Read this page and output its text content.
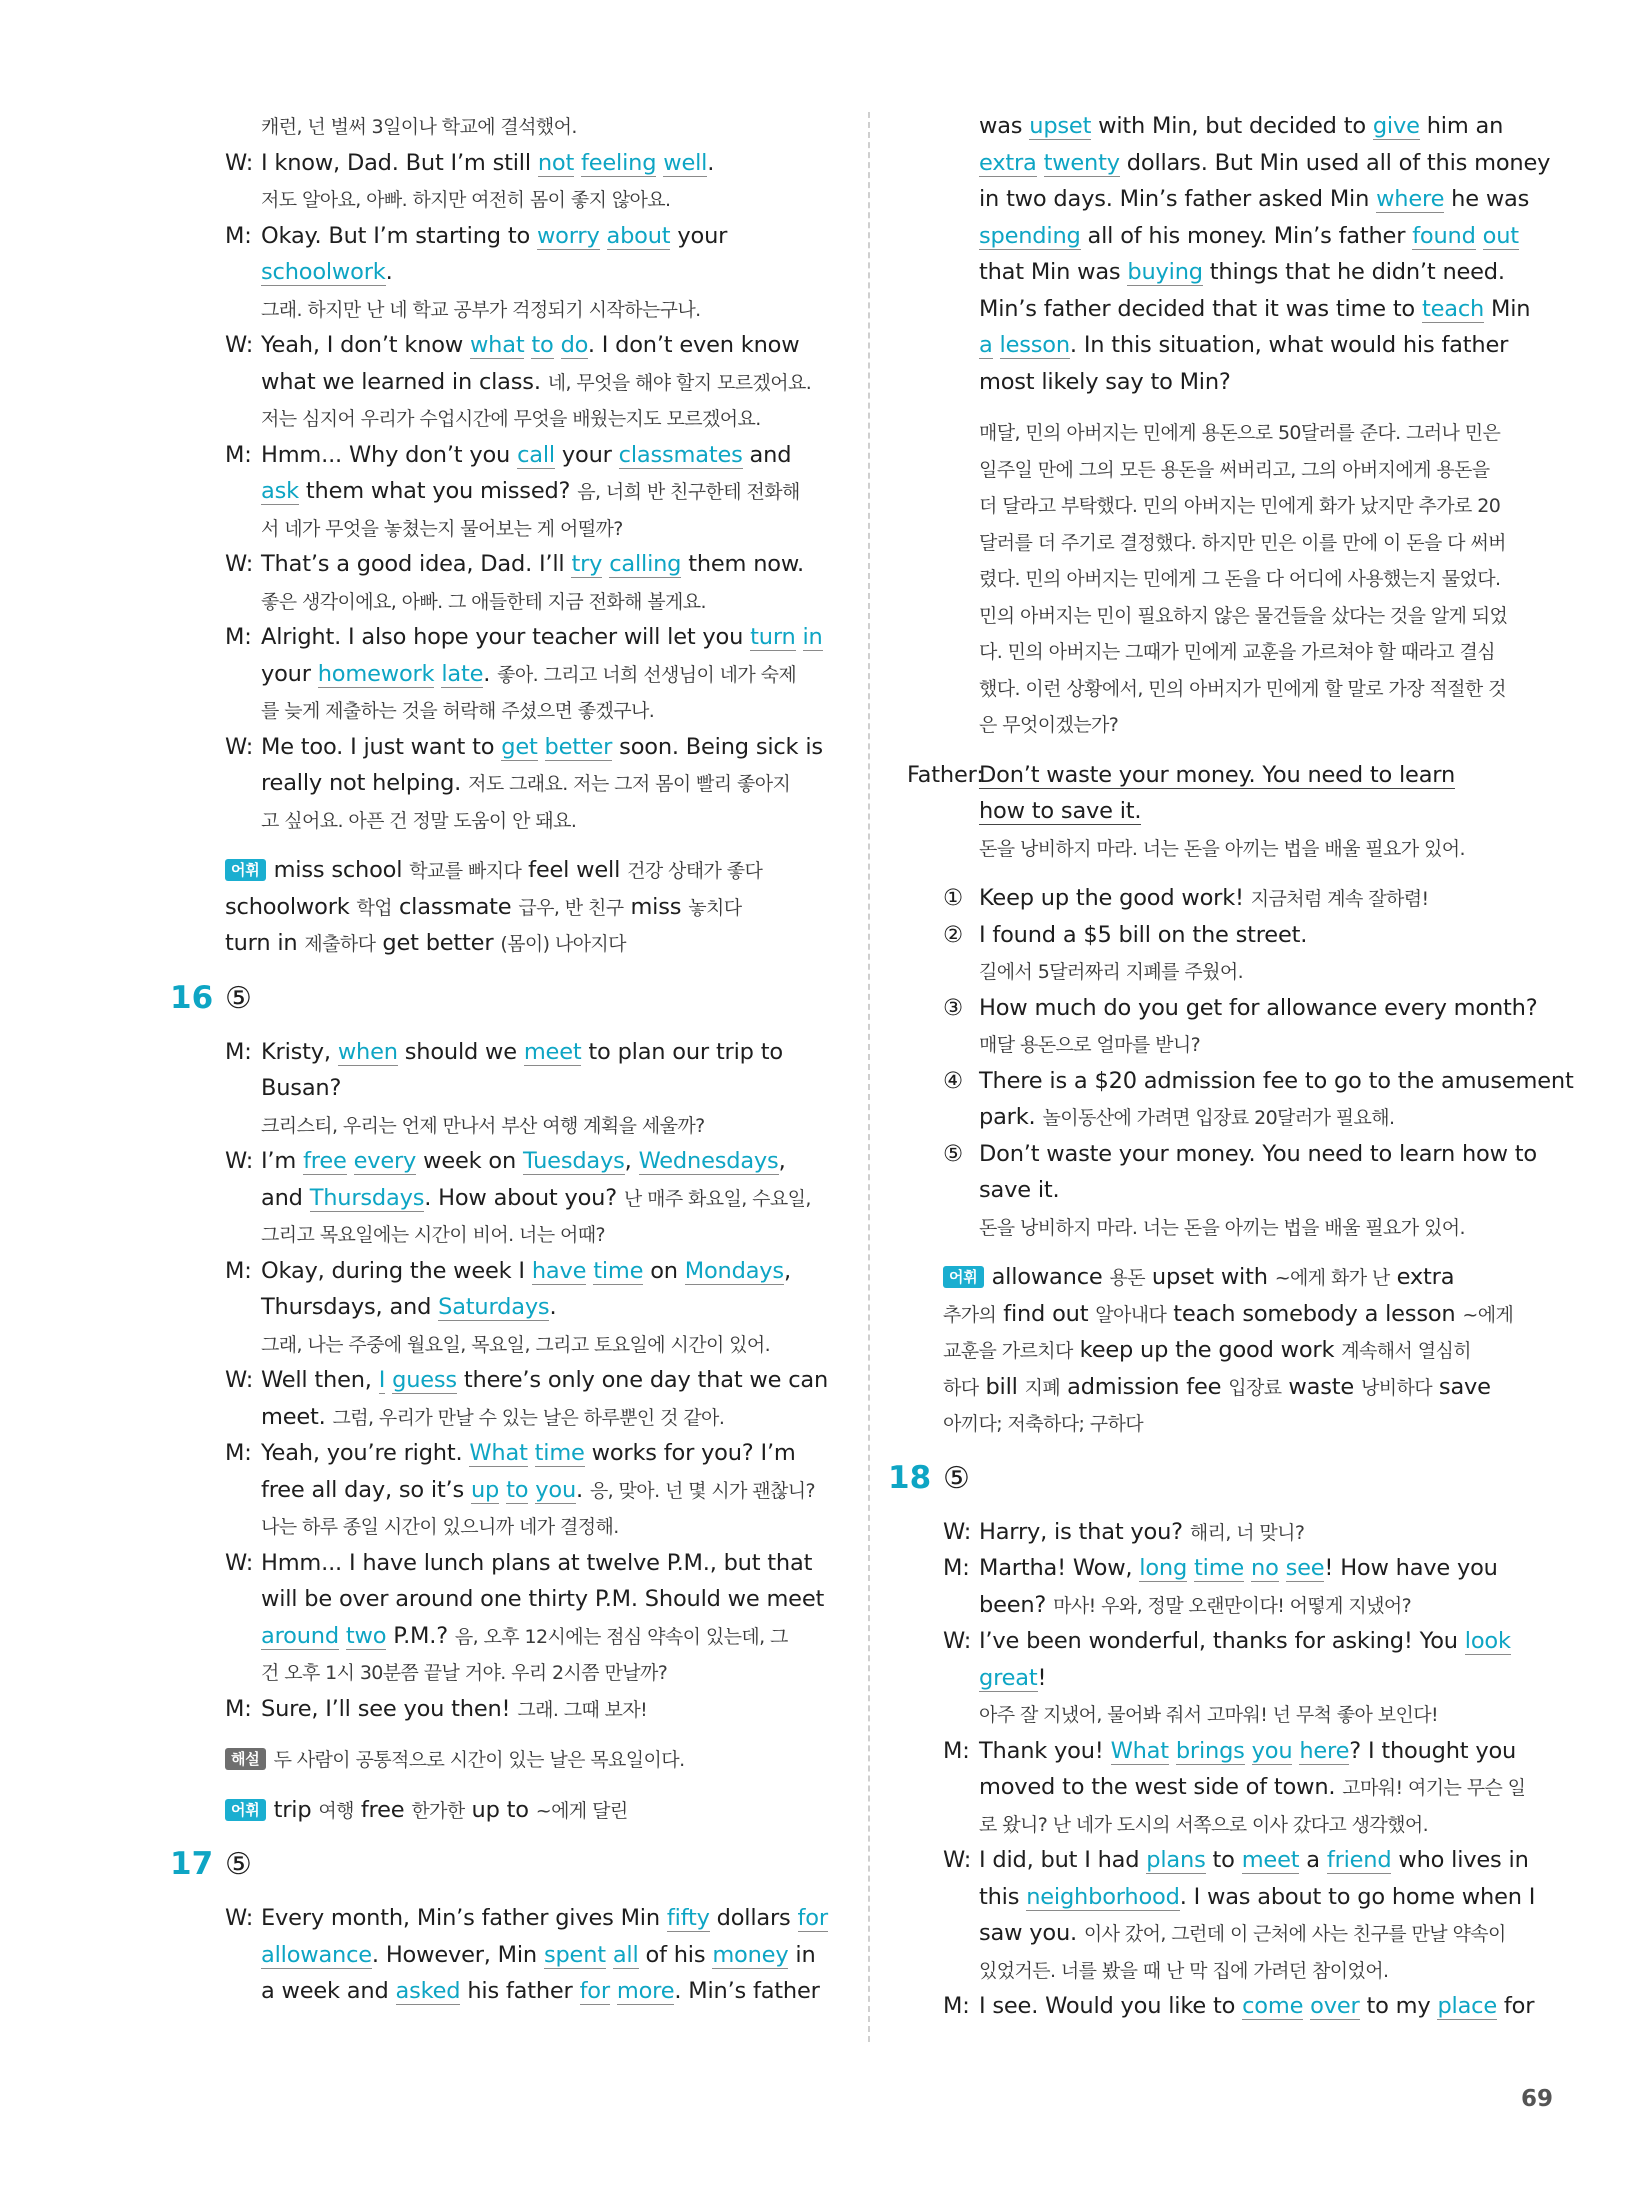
캐런, 넌 벌써 3일이나 학교에 결석했어.
W: I know, Dad. But I’m still not feeling well.
저도 알아요, 아빠. 하지만 여전히 몸이 좋지 않아요.
M: Okay. But I’m starting to worry about your
schoolwork.
그래. 하지만 난 네 학교 공부가 걱정되기 시작하는구나.
W: Yeah, I don’t know what to do. I don’t even know
what we learned in class. 네, 무엇을 해야 할지 모르겠어요.
저는 심지어 우리가 수업시간에 무엇을 배웠는지도 모르겠어요.
M: Hmm... Why don’t you call your classmates and
ask them what you missed? 음, 너희 반 친구한테 전화해
서 네가 무엇을 놓쳤는지 물어보는 게 어떨까?
W: That’s a good idea, Dad. I’ll try calling them now.
좋은 생각이에요, 아빠. 그 애들한테 지금 전화해 볼게요.
M: Alright. I also hope your teacher will let you turn in
your homework late. 좋아. 그리고 너희 선생님이 네가 숙제
를 늦게 제출하는 것을 허락해 주셨으면 좋겠구나.
W: Me too. I just want to get better soon. Being sick is
really not helping. 저도 그래요. 저는 그저 몸이 빨리 좋아지
고 싶어요. 아픈 건 정말 도움이 안 돼요.
어휘 miss school 학교를 빠지다 feel well 건강 상태가 좋다
schoolwork 학업 classmate 급우, 반 친구 miss 놓치다
turn in 제출하다 get better (몸이) 나아지다
16 ⑤
M: Kristy, when should we meet to plan our trip to
Busan?
크리스티, 우리는 언제 만나서 부산 여행 계획을 세울까?
W: I’m free every week on Tuesdays, Wednesdays,
and Thursdays. How about you? 난 매주 화요일, 수요일,
그리고 목요일에는 시간이 비어. 너는 어때?
M: Okay, during the week I have time on Mondays,
Thursdays, and Saturdays.
그래, 나는 주중에 월요일, 목요일, 그리고 토요일에 시간이 있어.
W: Well then, I guess there’s only one day that we can
meet. 그럼, 우리가 만날 수 있는 날은 하루뿐인 것 같아.
M: Yeah, you’re right. What time works for you? I’m
free all day, so it’s up to you. 응, 맞아. 넌 몇 시가 괜찮니?
나는 하루 종일 시간이 있으니까 네가 결정해.
W: Hmm... I have lunch plans at twelve P.M., but that
will be over around one thirty P.M. Should we meet
around two P.M.? 음, 오후 12시에는 점심 약속이 있는데, 그
건 오후 1시 30분쯤 끝날 거야. 우리 2시쯤 만날까?
M: Sure, I’ll see you then! 그래. 그때 보자!
해설 두 사람이 공통적으로 시간이 있는 날은 목요일이다.
어휘 trip 여행 free 한가한 up to ~에게 달린
17 ⑤
W: Every month, Min’s father gives Min fifty dollars for
allowance. However, Min spent all of his money in
a week and asked his father for more. Min’s father
was upset with Min, but decided to give him an
extra twenty dollars. But Min used all of this money
in two days. Min’s father asked Min where he was
spending all of his money. Min’s father found out
that Min was buying things that he didn’t need.
Min’s father decided that it was time to teach Min
a lesson. In this situation, what would his father
most likely say to Min?
매달, 민의 아버지는 민에게 용돈으로 50달러를 준다. 그러나 민은
일주일 만에 그의 모든 용돈을 써버리고, 그의 아버지에게 용돈을
더 달라고 부탁했다. 민의 아버지는 민에게 화가 났지만 추가로 20
달러를 더 주기로 결정했다. 하지만 민은 이를 만에 이 돈을 다 써버
렸다. 민의 아버지는 민에게 그 돈을 다 어디에 사용했는지 물었다.
민의 아버지는 민이 필요하지 않은 물건들을 샀다는 것을 알게 되었
다. 민의 아버지는 그때가 민에게 교훈을 가르쳐야 할 때라고 결심
했다. 이런 상황에서, 민의 아버지가 민에게 할 말로 가장 적절한 것
은 무엇이겠는가?
Father:
Don’t waste your money. You need to learn
how to save it.
돈을 낭비하지 마라. 너는 돈을 아끼는 법을 배울 필요가 있어.
① Keep up the good work! 지금처럼 계속 잘하렴!
② I found a $5 bill on the street.
길에서 5달러짜리 지폐를 주웠어.
③ How much do you get for allowance every month?
매달 용돈으로 얼마를 받니?
④ There is a $20 admission fee to go to the amusement
park. 놀이동산에 가려면 입장료 20달러가 필요해.
⑤ Don’t waste your money. You need to learn how to
save it.
돈을 낭비하지 마라. 너는 돈을 아끼는 법을 배울 필요가 있어.
어휘 allowance 용돈 upset with ~에게 화가 난 extra
추가의 find out 알아내다 teach somebody a lesson ~에게
교훈을 가르치다 keep up the good work 계속해서 열심히
하다 bill 지폐 admission fee 입장료 waste 낭비하다 save
아끼다; 저축하다; 구하다
18 ⑤
W: Harry, is that you? 해리, 너 맞니?
M: Martha! Wow, long time no see! How have you
been? 마사! 우와, 정말 오랜만이다! 어떻게 지냈어?
W: I’ve been wonderful, thanks for asking! You look
great!
아주 잘 지냈어, 물어봐 줘서 고마워! 넌 무척 좋아 보인다!
M: Thank you! What brings you here? I thought you
moved to the west side of town. 고마워! 여기는 무슨 일
로 왔니? 난 네가 도시의 서쪽으로 이사 갔다고 생각했어.
W: I did, but I had plans to meet a friend who lives in
this neighborhood. I was about to go home when I
saw you. 이사 갔어, 그런데 이 근처에 사는 친구를 만날 약속이
있었거든. 너를 봤을 때 난 막 집에 가려던 참이었어.
M: I see. Would you like to come over to my place for
69
